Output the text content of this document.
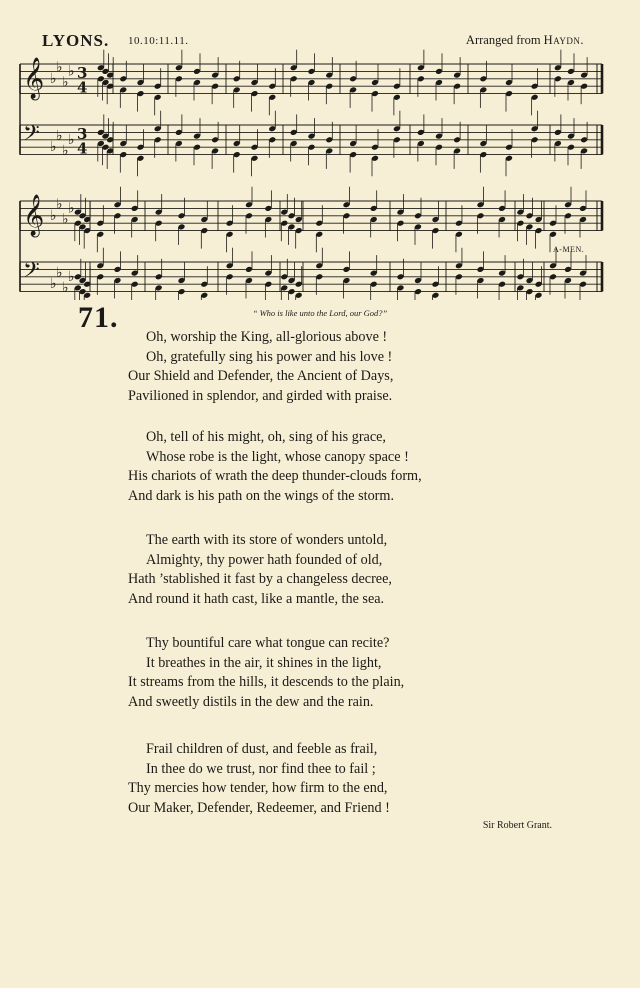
LYONS. 10.10:11.11.	Arranged from Haydn.
𝄞 ♭
♭
♭
♭ 3
4
𝄢 ♭
♭
♭
♭ 3
4
𝄞 ♭
♭
♭
♭
𝄢 ♭
♭
♭
♭
A-MEN.
71.	“ Who is like unto the Lord, our God?”
Oh, worship the King, all-glorious above !
Oh, gratefully sing his power and his love !
Our Shield and Defender, the Ancient of Days,
Pavilioned in splendor, and girded with praise.
Oh, tell of his might, oh, sing of his grace,
Whose robe is the light, whose canopy space !
His chariots of wrath the deep thunder-clouds form,
And dark is his path on the wings of the storm.
The earth with its store of wonders untold,
Almighty, thy power hath founded of old,
Hath ’stablished it fast by a changeless decree,
And round it hath cast, like a mantle, the sea.
Thy bountiful care what tongue can recite?
It breathes in the air, it shines in the light,
It streams from the hills, it descends to the plain,
And sweetly distils in the dew and the rain.
Frail children of dust, and feeble as frail,
In thee do we trust, nor find thee to fail ;
Thy mercies how tender, how firm to the end,
Our Maker, Defender, Redeemer, and Friend !
Sir Robert Grant.
